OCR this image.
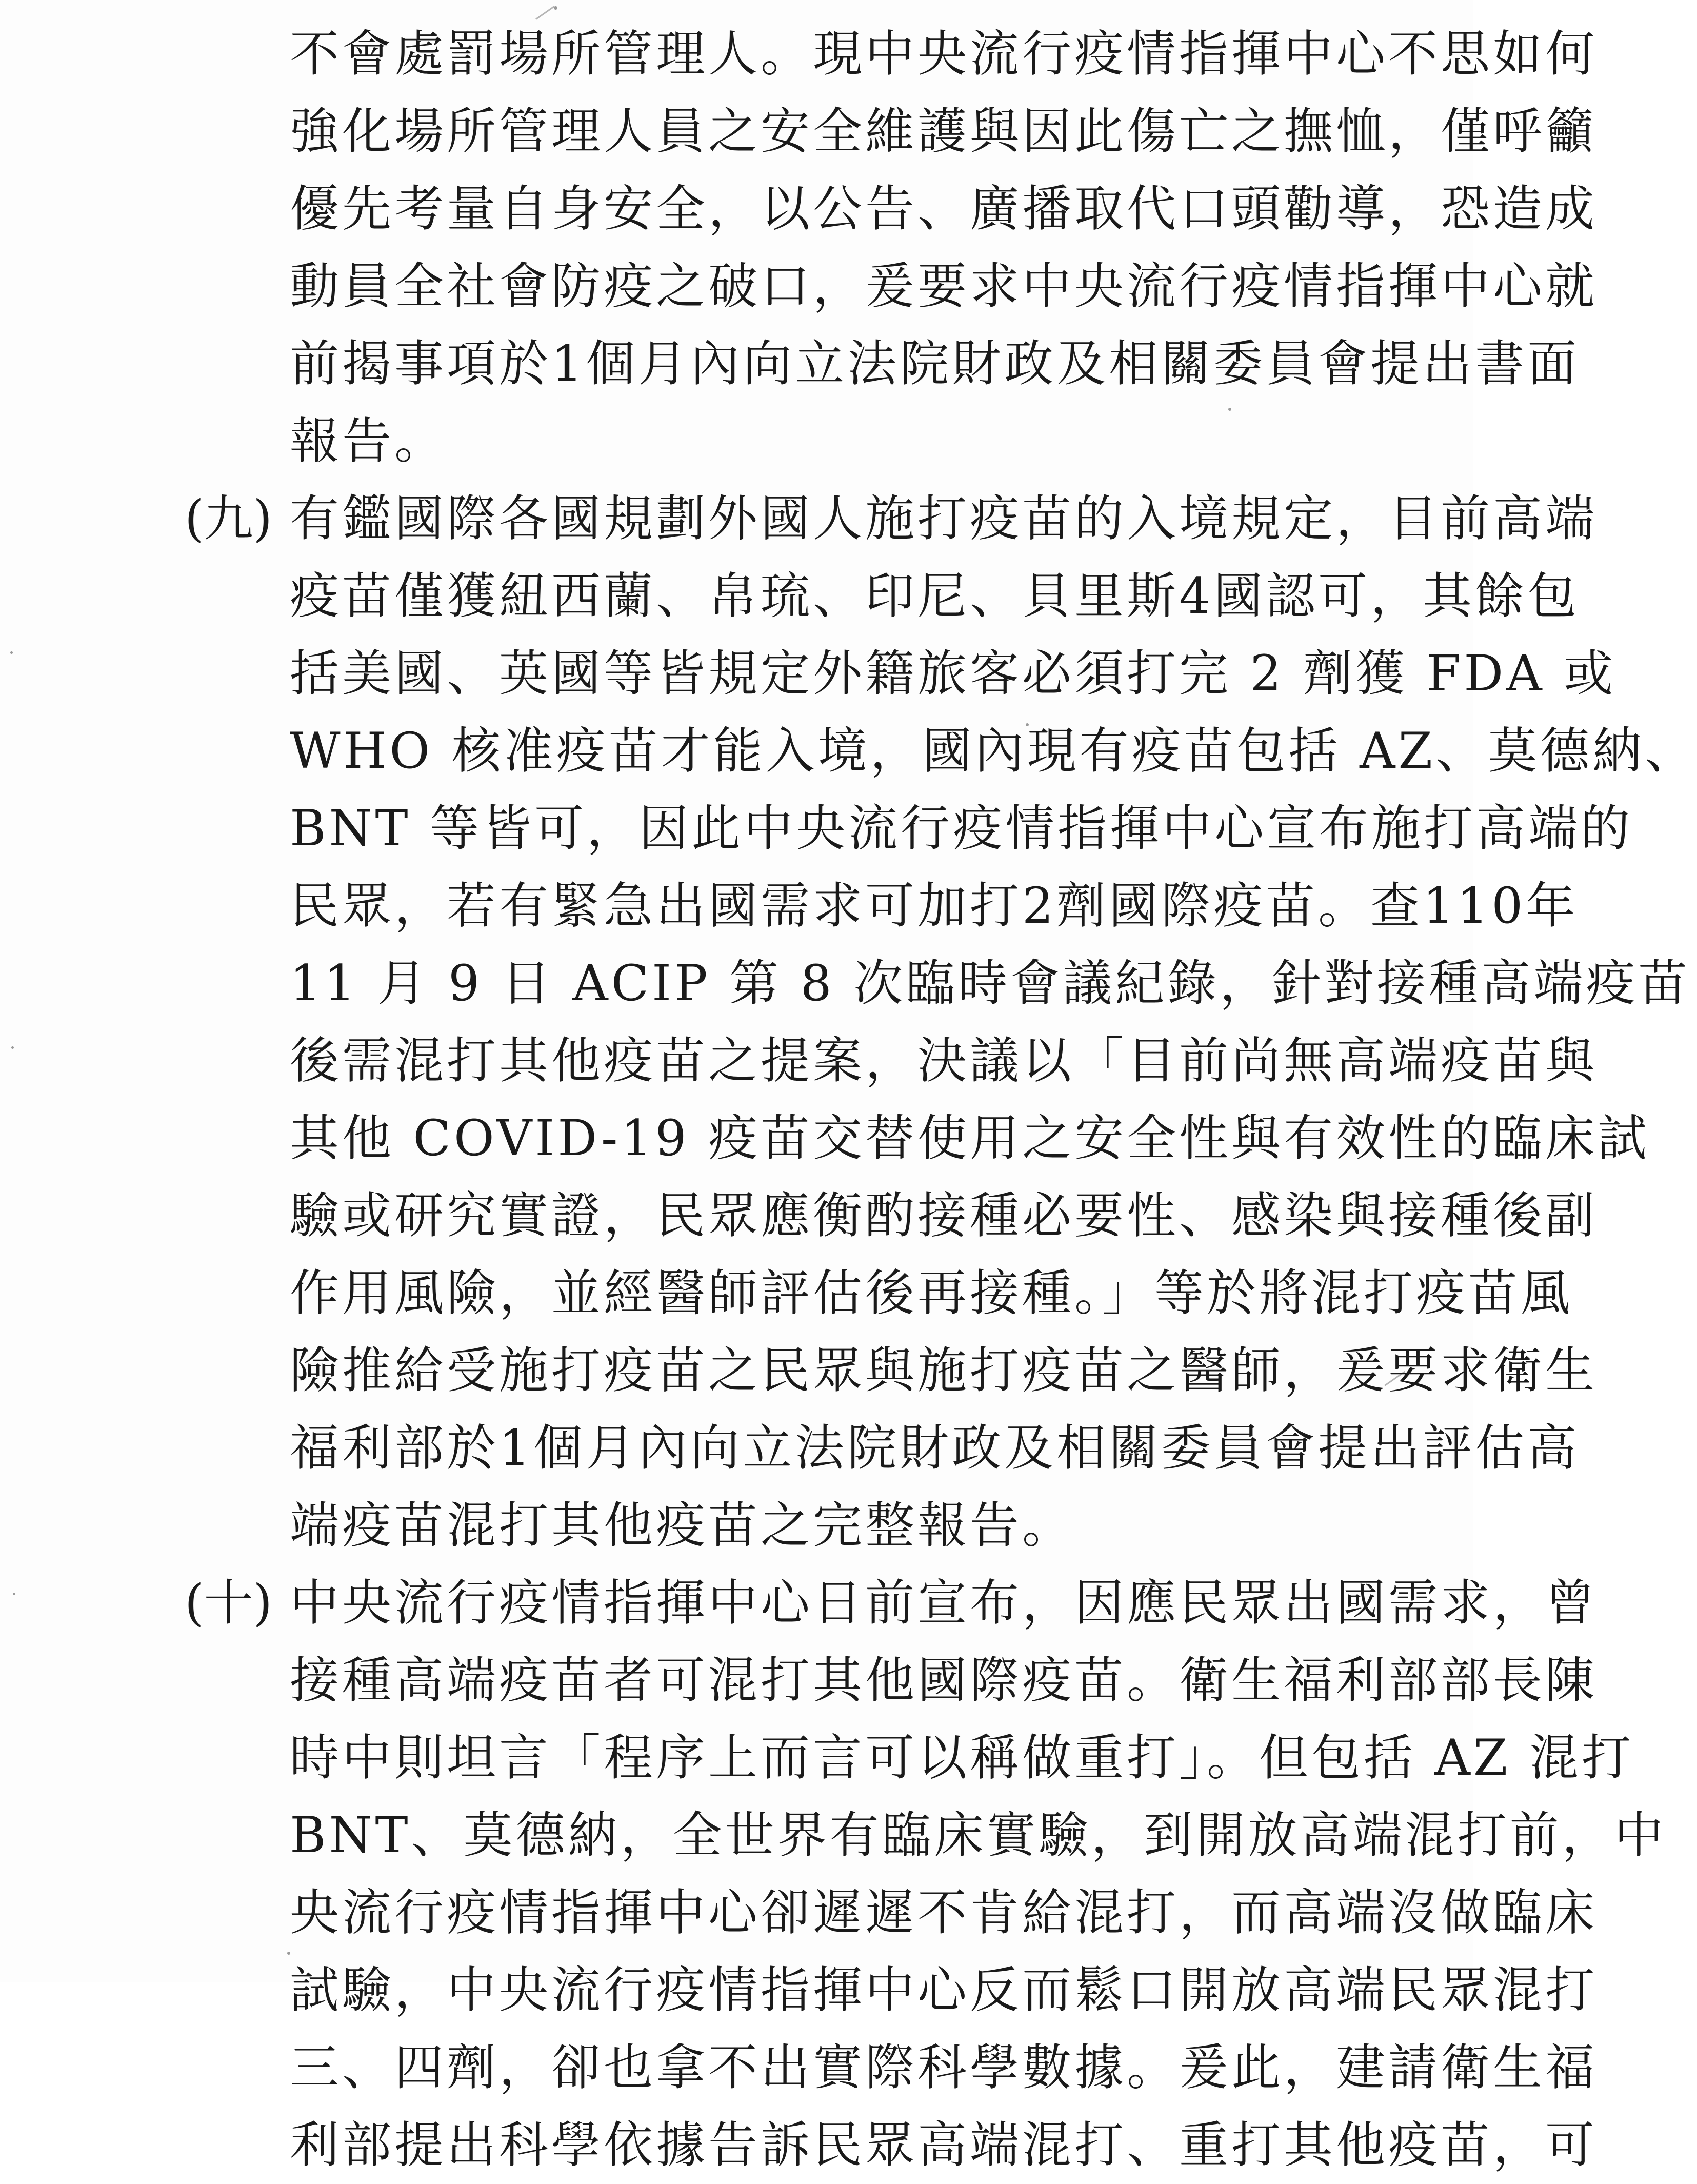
不會處罰場所管理人。現中央流行疫情指揮中心不思如何
強化場所管理人員之安全維護與因此傷亡之撫恤，僅呼籲
優先考量自身安全，以公告、廣播取代口頭勸導，恐造成
動員全社會防疫之破口，爰要求中央流行疫情指揮中心就
前揭事項於1個月內向立法院財政及相關委員會提出書面
報告。
(九) 有鑑國際各國規劃外國人施打疫苗的入境規定，目前高端
疫苗僅獲紐西蘭、帛琉、印尼、貝里斯4國認可，其餘包
括美國、英國等皆規定外籍旅客必須打完 2 劑獲 FDA 或
WHO 核准疫苗才能入境，國內現有疫苗包括 AZ、莫德納、
BNT 等皆可，因此中央流行疫情指揮中心宣布施打高端的
民眾，若有緊急出國需求可加打2劑國際疫苗。查110年
11 月 9 日 ACIP 第 8 次臨時會議紀錄，針對接種高端疫苗
後需混打其他疫苗之提案，決議以「目前尚無高端疫苗與
其他 COVID-19 疫苗交替使用之安全性與有效性的臨床試
驗或研究實證，民眾應衡酌接種必要性、感染與接種後副
作用風險，並經醫師評估後再接種。」等於將混打疫苗風
險推給受施打疫苗之民眾與施打疫苗之醫師，爰要求衛生
福利部於1個月內向立法院財政及相關委員會提出評估高
端疫苗混打其他疫苗之完整報告。
(十) 中央流行疫情指揮中心日前宣布，因應民眾出國需求，曾
接種高端疫苗者可混打其他國際疫苗。衛生福利部部長陳
時中則坦言「程序上而言可以稱做重打」。但包括 AZ 混打
BNT、莫德納，全世界有臨床實驗，到開放高端混打前，中
央流行疫情指揮中心卻遲遲不肯給混打，而高端沒做臨床
試驗，中央流行疫情指揮中心反而鬆口開放高端民眾混打
三、四劑，卻也拿不出實際科學數據。爰此，建請衛生福
利部提出科學依據告訴民眾高端混打、重打其他疫苗，可
